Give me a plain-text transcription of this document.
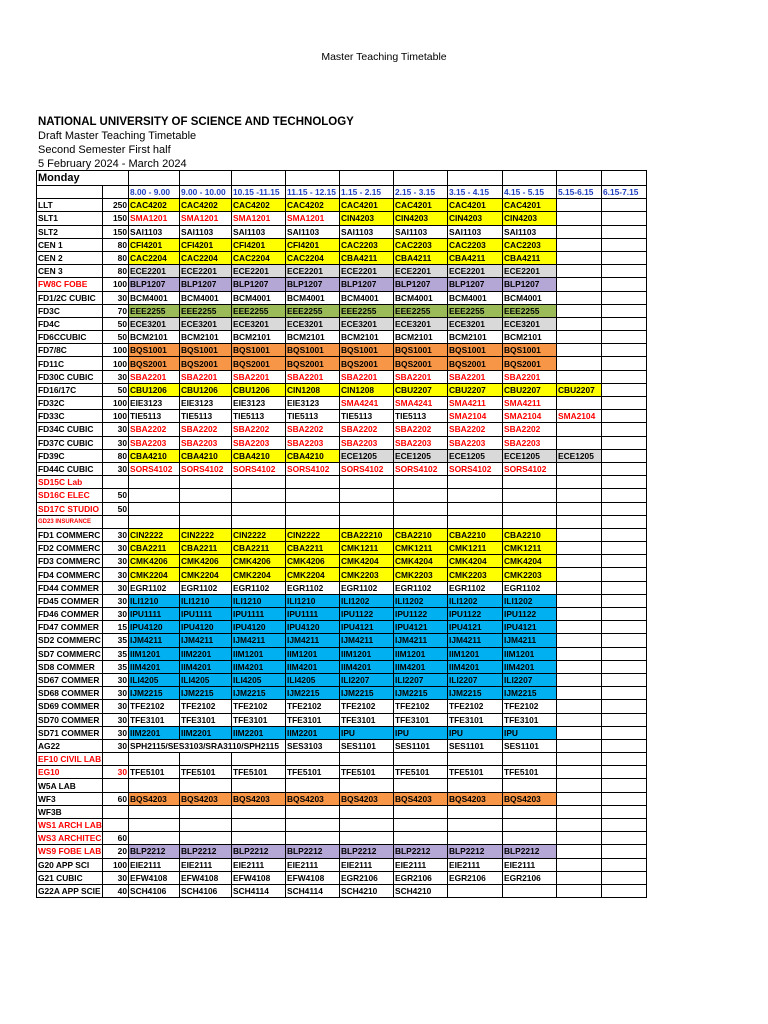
Master Teaching Timetable
NATIONAL UNIVERSITY OF SCIENCE AND TECHNOLOGY
Draft Master Teaching Timetable
Second Semester First half
5 February 2024 - March 2024
Monday											
		8.00 - 9.00	9.00 - 10.00	10.15 -11.15	11.15 - 12.15	1.15 - 2.15	2.15 - 3.15	3.15 - 4.15	4.15 - 5.15	5.15-6.15	6.15-7.15
LLT	250	CAC4202	CAC4202	CAC4202	CAC4202	CAC4201	CAC4201	CAC4201	CAC4201		
SLT1	150	SMA1201	SMA1201	SMA1201	SMA1201	CIN4203	CIN4203	CIN4203	CIN4203		
SLT2	150	SAI1103	SAI1103	SAI1103	SAI1103	SAI1103	SAI1103	SAI1103	SAI1103		
CEN 1	80	CFI4201	CFI4201	CFI4201	CFI4201	CAC2203	CAC2203	CAC2203	CAC2203		
CEN 2	80	CAC2204	CAC2204	CAC2204	CAC2204	CBA4211	CBA4211	CBA4211	CBA4211		
CEN 3	80	ECE2201	ECE2201	ECE2201	ECE2201	ECE2201	ECE2201	ECE2201	ECE2201		
FW8C FOBE	100	BLP1207	BLP1207	BLP1207	BLP1207	BLP1207	BLP1207	BLP1207	BLP1207		
FD1/2C CUBIC	30	BCM4001	BCM4001	BCM4001	BCM4001	BCM4001	BCM4001	BCM4001	BCM4001		
FD3C	70	EEE2255	EEE2255	EEE2255	EEE2255	EEE2255	EEE2255	EEE2255	EEE2255		
FD4C	50	ECE3201	ECE3201	ECE3201	ECE3201	ECE3201	ECE3201	ECE3201	ECE3201		
FD6CCUBIC	50	BCM2101	BCM2101	BCM2101	BCM2101	BCM2101	BCM2101	BCM2101	BCM2101		
FD7/8C	100	BQS1001	BQS1001	BQS1001	BQS1001	BQS1001	BQS1001	BQS1001	BQS1001		
FD11C	100	BQS2001	BQS2001	BQS2001	BQS2001	BQS2001	BQS2001	BQS2001	BQS2001		
FD30C CUBIC	30	SBA2201	SBA2201	SBA2201	SBA2201	SBA2201	SBA2201	SBA2201	SBA2201		
FD16/17C	50	CBU1206	CBU1206	CBU1206	CIN1208	CIN1208	CBU2207	CBU2207	CBU2207	CBU2207	
FD32C	100	EIE3123	EIE3123	EIE3123	EIE3123	SMA4241	SMA4241	SMA4211	SMA4211		
FD33C	100	TIE5113	TIE5113	TIE5113	TIE5113	TIE5113	TIE5113	SMA2104	SMA2104	SMA2104	
FD34C CUBIC	30	SBA2202	SBA2202	SBA2202	SBA2202	SBA2202	SBA2202	SBA2202	SBA2202		
FD37C CUBIC	30	SBA2203	SBA2203	SBA2203	SBA2203	SBA2203	SBA2203	SBA2203	SBA2203		
FD39C	80	CBA4210	CBA4210	CBA4210	CBA4210	ECE1205	ECE1205	ECE1205	ECE1205	ECE1205	
FD44C CUBIC	30	SORS4102	SORS4102	SORS4102	SORS4102	SORS4102	SORS4102	SORS4102	SORS4102		
SD15C Lab											
SD16C ELEC	50										
SD17C STUDIO	50										
GD23 INSURANCE											
FD1 COMMERC	30	CIN2222	CIN2222	CIN2222	CIN2222	CBA22210	CBA2210	CBA2210	CBA2210		
FD2 COMMERC	30	CBA2211	CBA2211	CBA2211	CBA2211	CMK1211	CMK1211	CMK1211	CMK1211		
FD3 COMMERC	30	CMK4206	CMK4206	CMK4206	CMK4206	CMK4204	CMK4204	CMK4204	CMK4204		
FD4 COMMERC	30	CMK2204	CMK2204	CMK2204	CMK2204	CMK2203	CMK2203	CMK2203	CMK2203		
FD44 COMMER	30	EGR1102	EGR1102	EGR1102	EGR1102	EGR1102	EGR1102	EGR1102	EGR1102		
FD45 COMMER	30	ILI1210	ILI1210	ILI1210	ILI1210	ILI1202	ILI1202	ILI1202	ILI1202		
FD46 COMMER	30	IPU1111	IPU1111	IPU1111	IPU1111	IPU1122	IPU1122	IPU1122	IPU1122		
FD47 COMMER	15	IPU4120	IPU4120	IPU4120	IPU4120	IPU4121	IPU4121	IPU4121	IPU4121		
SD2 COMMERC	35	IJM4211	IJM4211	IJM4211	IJM4211	IJM4211	IJM4211	IJM4211	IJM4211		
SD7 COMMERC	35	IIM1201	IIM2201	IIM1201	IIM1201	IIM1201	IIM1201	IIM1201	IIM1201		
SD8 COMMER	35	IIM4201	IIM4201	IIM4201	IIM4201	IIM4201	IIM4201	IIM4201	IIM4201		
SD67 COMMER	30	ILI4205	ILI4205	ILI4205	ILI4205	ILI2207	ILI2207	ILI2207	ILI2207		
SD68 COMMER	30	IJM2215	IJM2215	IJM2215	IJM2215	IJM2215	IJM2215	IJM2215	IJM2215		
SD69 COMMER	30	TFE2102	TFE2102	TFE2102	TFE2102	TFE2102	TFE2102	TFE2102	TFE2102		
SD70 COMMER	30	TFE3101	TFE3101	TFE3101	TFE3101	TFE3101	TFE3101	TFE3101	TFE3101		
SD71 COMMER	30	IIM2201	IIM2201	IIM2201	IIM2201	IPU	IPU	IPU	IPU		
AG22	30	SPH2115/SES3103/SRA3110/SPH2115			SES3103	SES1101	SES1101	SES1101	SES1101		
EF10 CIVIL LAB											
EG10	30	TFE5101	TFE5101	TFE5101	TFE5101	TFE5101	TFE5101	TFE5101	TFE5101		
W5A LAB											
WF3	60	BQS4203	BQS4203	BQS4203	BQS4203	BQS4203	BQS4203	BQS4203	BQS4203		
WF3B											
WS1 ARCH LAB											
WS3 ARCHITEC	60										
WS9 FOBE LAB	20	BLP2212	BLP2212	BLP2212	BLP2212	BLP2212	BLP2212	BLP2212	BLP2212		
G20 APP SCI	100	EIE2111	EIE2111	EIE2111	EIE2111	EIE2111	EIE2111	EIE2111	EIE2111		
G21 CUBIC	30	EFW4108	EFW4108	EFW4108	EFW4108	EGR2106	EGR2106	EGR2106	EGR2106		
G22A APP SCIE	40	SCH4106	SCH4106	SCH4114	SCH4114	SCH4210	SCH4210				
